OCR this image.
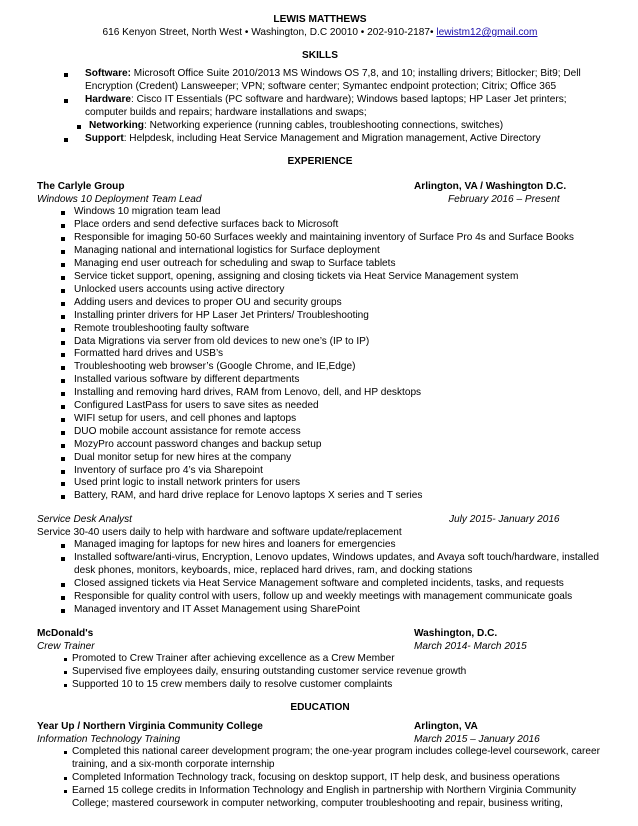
LEWIS MATTHEWS
616 Kenyon Street, North West • Washington, D.C 20010 • 202-910-2187• lewistm12@gmail.com
SKILLS
Software: Microsoft Office Suite 2010/2013 MS Windows OS 7,8, and 10; installing drivers; Bitlocker; Bit9; Dell Encryption (Credent) Lansweeper; VPN; software center; Symantec endpoint protection; Citrix; Office 365
Hardware: Cisco IT Essentials (PC software and hardware); Windows based laptops; HP Laser Jet printers; computer builds and repairs; hardware installations and swaps;
Networking: Networking experience (running cables, troubleshooting connections, switches)
Support: Helpdesk, including Heat Service Management and Migration management, Active Directory
EXPERIENCE
The Carlyle Group	Arlington, VA / Washington D.C.
Windows 10 Deployment Team Lead	February 2016 – Present
Windows 10 migration team lead
Place orders and send defective surfaces back to Microsoft
Responsible for imaging 50-60 Surfaces weekly and maintaining inventory of Surface Pro 4s and Surface Books
Managing national and international logistics for Surface deployment
Managing end user outreach for scheduling and swap to Surface tablets
Service ticket support, opening, assigning and closing tickets via Heat Service Management system
Unlocked users accounts using active directory
Adding users and devices to proper OU and security groups
Installing printer drivers for HP Laser Jet Printers/ Troubleshooting
Remote troubleshooting faulty software
Data Migrations via server from old devices to new one’s (IP to IP)
Formatted hard drives and USB’s
Troubleshooting web browser’s (Google Chrome, and IE,Edge)
Installed various software by different departments
Installing and removing hard drives, RAM from Lenovo, dell, and HP desktops
Configured LastPass for users to save sites as needed
WIFI setup for users, and cell phones and laptops
DUO mobile account assistance for remote access
MozyPro account password changes and backup setup
Dual monitor setup for new hires at the company
Inventory of surface pro 4’s via Sharepoint
Used print logic to install network printers for users
Battery, RAM, and hard drive replace for Lenovo laptops X series and T series
Service Desk Analyst	July 2015- January 2016
Service 30-40 users daily to help with hardware and software update/replacement
Managed imaging for laptops for new hires and loaners for emergencies
Installed software/anti-virus, Encryption, Lenovo updates, Windows updates, and Avaya soft touch/hardware, installed desk phones, monitors, keyboards, mice, replaced hard drives, ram, and docking stations
Closed assigned tickets via Heat Service Management software and completed incidents, tasks, and requests
Responsible for quality control with users, follow up and weekly meetings with management communicate goals
Managed inventory and IT Asset Management using SharePoint
McDonald's	Washington, D.C.
Crew Trainer	March 2014- March 2015
Promoted to Crew Trainer after achieving excellence as a Crew Member
Supervised five employees daily, ensuring outstanding customer service revenue growth
Supported 10 to 15 crew members daily to resolve customer complaints
EDUCATION
Year Up / Northern Virginia Community College	Arlington, VA
Information Technology Training	March 2015 – January 2016
Completed this national career development program; the one-year program includes college-level coursework, career training, and a six-month corporate internship
Completed Information Technology track, focusing on desktop support, IT help desk, and business operations
Earned 15 college credits in Information Technology and English in partnership with Northern Virginia Community College; mastered coursework in computer networking, computer troubleshooting and repair, business writing,
